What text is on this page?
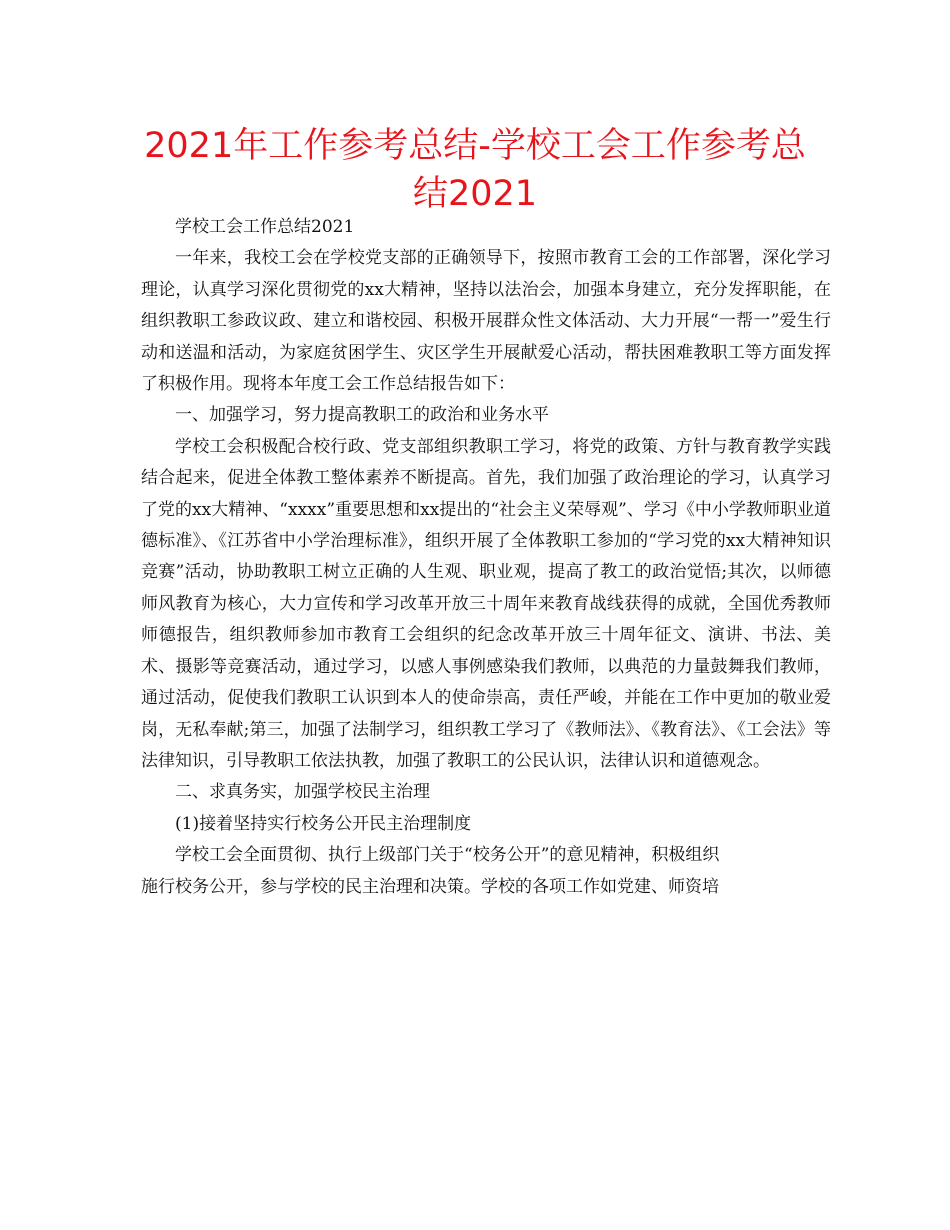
2021年工作参考总结-学校工会工作参考总结2021

学校工会工作总结2021

一年来，我校工会在学校党支部的正确领导下，按照市教育工会的工作部署，深化学习理论，认真学习深化贯彻党的xx大精神，坚持以法治会，加强本身建立，充分发挥职能，在组织教职工参政议政、建立和谐校园、积极开展群众性文体活动、大力开展“一帮一”爱生行动和送温和活动，为家庭贫困学生、灾区学生开展献爱心活动，帮扶困难教职工等方面发挥了积极作用。现将本年度工会工作总结报告如下：

一、加强学习，努力提高教职工的政治和业务水平

学校工会积极配合校行政、党支部组织教职工学习，将党的政策、方针与教育教学实践结合起来，促进全体教工整体素养不断提高。首先，我们加强了政治理论的学习，认真学习了党的xx大精神、“xxxx”重要思想和xx提出的“社会主义荣辱观”、学习《中小学教师职业道德标准》、《江苏省中小学治理标准》，组织开展了全体教职工参加的“学习党的xx大精神知识竞赛”活动，协助教职工树立正确的人生观、职业观，提高了教工的政治觉悟;其次，以师德师风教育为核心，大力宣传和学习改革开放三十周年来教育战线获得的成就，全国优秀教师师德报告，组织教师参加市教育工会组织的纪念改革开放三十周年征文、演讲、书法、美术、摄影等竞赛活动，通过学习，以感人事例感染我们教师，以典范的力量鼓舞我们教师，通过活动，促使我们教职工认识到本人的使命崇高，责任严峻，并能在工作中更加的敬业爱岗，无私奉献;第三，加强了法制学习，组织教工学习了《教师法》、《教育法》、《工会法》等法律知识，引导教职工依法执教，加强了教职工的公民认识，法律认识和道德观念。

二、求真务实，加强学校民主治理

(1)接着坚持实行校务公开民主治理制度

学校工会全面贯彻、执行上级部门关于“校务公开”的意见精神，积极组织

施行校务公开，参与学校的民主治理和决策。学校的各项工作如党建、师资培
